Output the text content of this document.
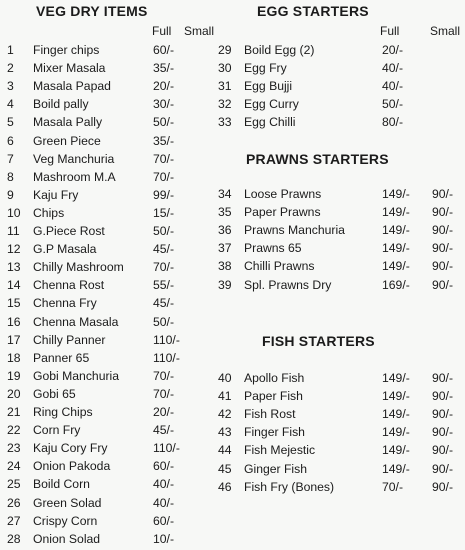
VEG DRY ITEMS
Full Small
1 Finger chips	60/-
2 Mixer Masala	35/-
3 Masala Papad	20/-
4 Boild pally	30/-
5 Masala Pally	50/-
6 Green Piece	35/-
7 Veg Manchuria	70/-
8 Mashroom M.A	70/-
9 Kaju Fry	99/-
10 Chips	15/-
11 G.Piece Rost	50/-
12 G.P Masala	45/-
13 Chilly Mashroom 70/-
14 Chenna Rost	55/-
15 Chenna Fry	45/-
16 Chenna Masala	50/-
17 Chilly Panner	110/-
18 Panner 65	110/-
19 Gobi Manchuria	70/-
20 Gobi 65	70/-
21 Ring Chips	20/-
22 Corn Fry	45/-
23 Kaju Cory Fry	110/-
24 Onion Pakoda	60/-
25 Boild Corn	40/-
26 Green Solad	40/-
27 Crispy Corn	60/-
28 Onion Solad	10/-
EGG STARTERS
Full	Small
29 Boild Egg (2)	20/-
30 Egg Fry	40/-
31 Egg Bujji	40/-
32 Egg Curry	50/-
33 Egg Chilli	80/-
PRAWNS STARTERS
34 Loose Prawns	149/- 90/-
35 Paper Prawns	149/- 90/-
36 Prawns Manchuria	149/- 90/-
37 Prawns 65	149/- 90/-
38 Chilli Prawns	149/- 90/-
39 Spl. Prawns Dry	169/- 90/-
FISH STARTERS
40 Apollo Fish	149/- 90/-
41 Paper Fish	149/- 90/-
42 Fish Rost	149/- 90/-
43 Finger Fish	149/- 90/-
44 Fish Mejestic	149/- 90/-
45 Ginger Fish	149/- 90/-
46 Fish Fry (Bones)	70/- 90/-
